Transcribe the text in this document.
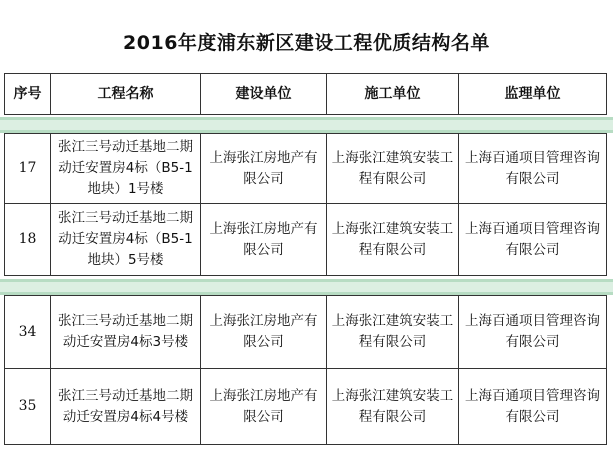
2016年度浦东新区建设工程优质结构名单
序号	工程名称	建设单位	施工单位	监理单位
17	张江三号动迁基地二期动迁安置房4标（B5-1地块）1号楼	上海张江房地产有限公司	上海张江建筑安装工程有限公司	上海百通项目管理咨询有限公司
18	张江三号动迁基地二期动迁安置房4标（B5-1地块）5号楼	上海张江房地产有限公司	上海张江建筑安装工程有限公司	上海百通项目管理咨询有限公司
34	张江三号动迁基地二期动迁安置房4标3号楼	上海张江房地产有限公司	上海张江建筑安装工程有限公司	上海百通项目管理咨询有限公司
35	张江三号动迁基地二期动迁安置房4标4号楼	上海张江房地产有限公司	上海张江建筑安装工程有限公司	上海百通项目管理咨询有限公司
